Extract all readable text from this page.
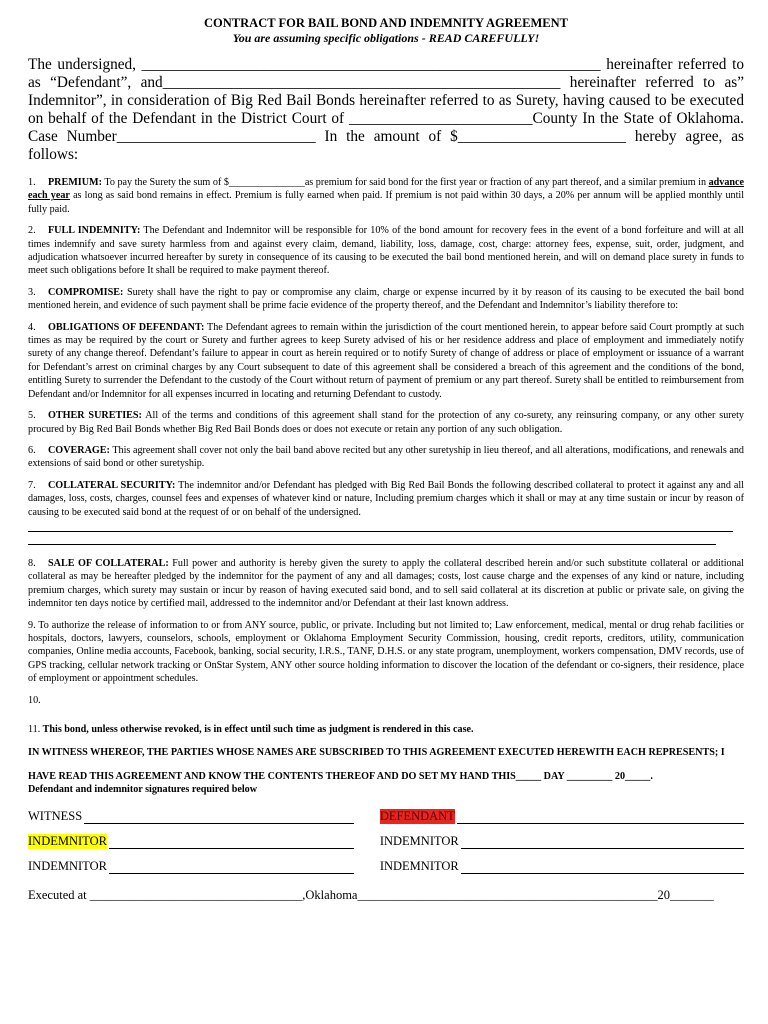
CONTRACT FOR BAIL BOND AND INDEMNITY AGREEMENT
You are assuming specific obligations - READ CAREFULLY!

The undersigned, ____________________________________________________________ hereinafter referred to as “Defendant”, and____________________________________________________ hereinafter referred to as” Indemnitor”, in consideration of Big Red Bail Bonds hereinafter referred to as Surety, having caused to be executed on behalf of the Defendant in the District Court of ________________________County In the State of Oklahoma. Case Number__________________________ In the amount of $______________________ hereby agree, as follows:

1. PREMIUM: To pay the Surety the sum of $_______________as premium for said bond for the first year or fraction of any part thereof, and a similar premium in advance each year as long as said bond remains in effect. Premium is fully earned when paid. If premium is not paid within 30 days, a 20% per annum will be applied monthly until fully paid.

2. FULL INDEMNITY: The Defendant and Indemnitor will be responsible for 10% of the bond amount for recovery fees in the event of a bond forfeiture and will at all times indemnify and save surety harmless from and against every claim, demand, liability, loss, damage, cost, charge: attorney fees, expense, suit, order, judgment, and adjudication whatsoever incurred hereafter by surety in consequence of its causing to be executed the bail bond mentioned herein, and will on demand place surety in funds to meet such obligations before It shall be required to make payment thereof.

3. COMPROMISE: Surety shall have the right to pay or compromise any claim, charge or expense incurred by it by reason of its causing to be executed the bail bond mentioned herein, and evidence of such payment shall be prime facie evidence of the property thereof, and the Defendant and Indemnitor’s liability therefore to:

4. OBLIGATIONS OF DEFENDANT: The Defendant agrees to remain within the jurisdiction of the court mentioned herein, to appear before said Court promptly at such times as may be required by the court or Surety and further agrees to keep Surety advised of his or her residence address and place of employment and immediately notify surety of any change thereof. Defendant’s failure to appear in court as herein required or to notify Surety of change of address or place of employment or issuance of a warrant for Defendant’s arrest on criminal charges by any Court subsequent to date of this agreement shall be considered a breach of this agreement and the conditions of the bond, entitling Surety to surrender the Defendant to the custody of the Court without return of payment of premium or any part thereof. Surety shall be entitled to reimbursement from Defendant and/or Indemnitor for all expenses incurred in locating and returning Defendant to custody.

5. OTHER SURETIES: All of the terms and conditions of this agreement shall stand for the protection of any co-surety, any reinsuring company, or any other surety procured by Big Red Bail Bonds whether Big Red Bail Bonds does or does not execute or retain any portion of any such obligation.

6. COVERAGE: This agreement shall cover not only the bail band above recited but any other suretyship in lieu thereof, and all alterations, modifications, and renewals and extensions of said bond or other suretyship.

7. COLLATERAL SECURITY: The indemnitor and/or Defendant has pledged with Big Red Bail Bonds the following described collateral to protect it against any and all damages, loss, costs, charges, counsel fees and expenses of whatever kind or nature, Including premium charges which it shall or may at any time sustain or incur by reason of causing to be executed said bond at the request of or on behalf of the undersigned.

8. SALE OF COLLATERAL: Full power and authority is hereby given the surety to apply the collateral described herein and/or such substitute collateral or additional collateral as may be hereafter pledged by the indemnitor for the payment of any and all damages; costs, lost cause charge and the expenses of any kind or nature, including premium charges, which surety may sustain or incur by reason of having executed said bond, and to sell said collateral at its discretion at public or private sale, on giving the indemnitor ten days notice by certified mail, addressed to the indemnitor and/or Defendant at their last known address.

9. To authorize the release of information to or from ANY source, public, or private. Including but not limited to; Law enforcement, medical, mental or drug rehab facilities or hospitals, doctors, lawyers, counselors, schools, employment or Oklahoma Employment Security Commission, housing, credit reports, creditors, utility, communication companies, Online media accounts, Facebook, banking, social security, I.R.S., TANF, D.H.S. or any state program, unemployment, workers compensation, DMV records, use of GPS tracking, cellular network tracking or OnStar System, ANY other source holding information to discover the location of the defendant or co-signers, their residence, place of employment or appointment schedules.

10.

11. This bond, unless otherwise revoked, is in effect until such time as judgment is rendered in this case.

IN WITNESS WHEREOF, THE PARTIES WHOSE NAMES ARE SUBSCRIBED TO THIS AGREEMENT EXECUTED HEREWITH EACH REPRESENTS; I

HAVE READ THIS AGREEMENT AND KNOW THE CONTENTS THEREOF AND DO SET MY HAND THIS_____ DAY _________ 20_____.
Defendant and indemnitor signatures required below

WITNESS	DEFENDANT
INDEMNITOR	INDEMNITOR
INDEMNITOR	INDEMNITOR
Executed at __________________________________,Oklahoma________________________________________________20_______
